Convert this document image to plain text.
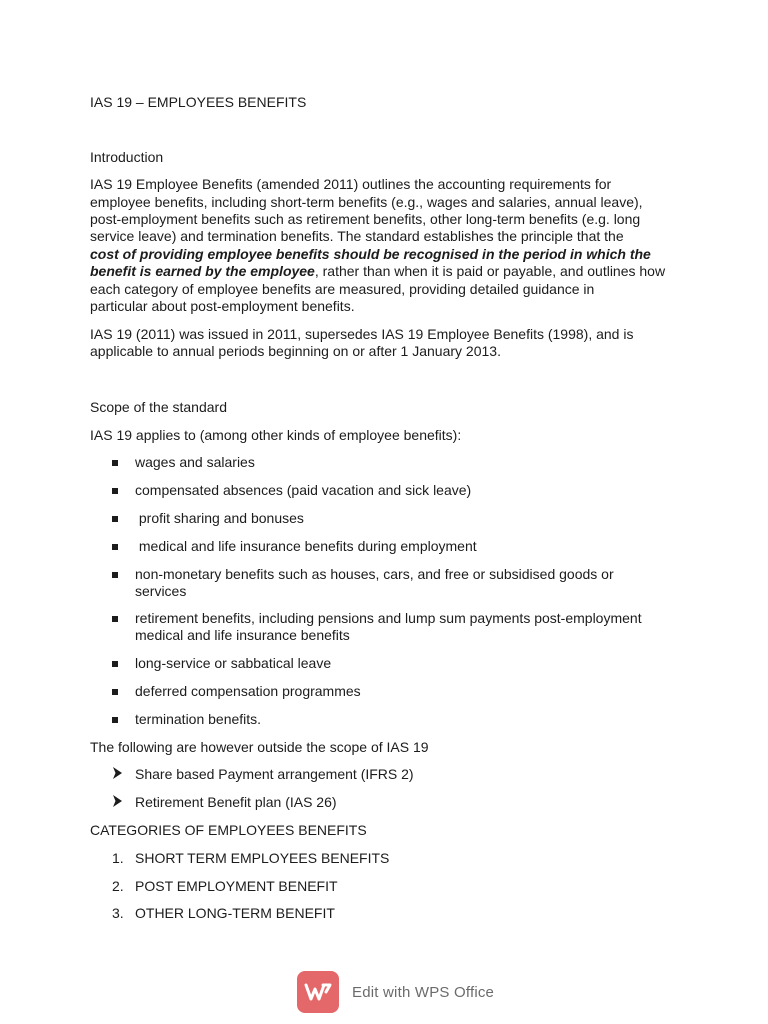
IAS 19 – EMPLOYEES BENEFITS
Introduction
IAS 19 Employee Benefits (amended 2011) outlines the accounting requirements for
employee benefits, including short-term benefits (e.g., wages and salaries, annual leave),
post-employment benefits such as retirement benefits, other long-term benefits (e.g. long
service leave) and termination benefits. The standard establishes the principle that the
cost of providing employee benefits should be recognised in the period in which the
benefit is earned by the employee, rather than when it is paid or payable, and outlines how
each category of employee benefits are measured, providing detailed guidance in
particular about post-employment benefits.
IAS 19 (2011) was issued in 2011, supersedes IAS 19 Employee Benefits (1998), and is
applicable to annual periods beginning on or after 1 January 2013.
Scope of the standard
IAS 19 applies to (among other kinds of employee benefits):
wages and salaries
compensated absences (paid vacation and sick leave)
profit sharing and bonuses
medical and life insurance benefits during employment
non-monetary benefits such as houses, cars, and free or subsidised goods or
services
retirement benefits, including pensions and lump sum payments post-employment
medical and life insurance benefits
long-service or sabbatical leave
deferred compensation programmes
termination benefits.
The following are however outside the scope of IAS 19
Share based Payment arrangement (IFRS 2)
Retirement Benefit plan (IAS 26)
CATEGORIES OF EMPLOYEES BENEFITS
1. SHORT TERM EMPLOYEES BENEFITS
2. POST EMPLOYMENT BENEFIT
3. OTHER LONG-TERM BENEFIT
Edit with WPS Office
